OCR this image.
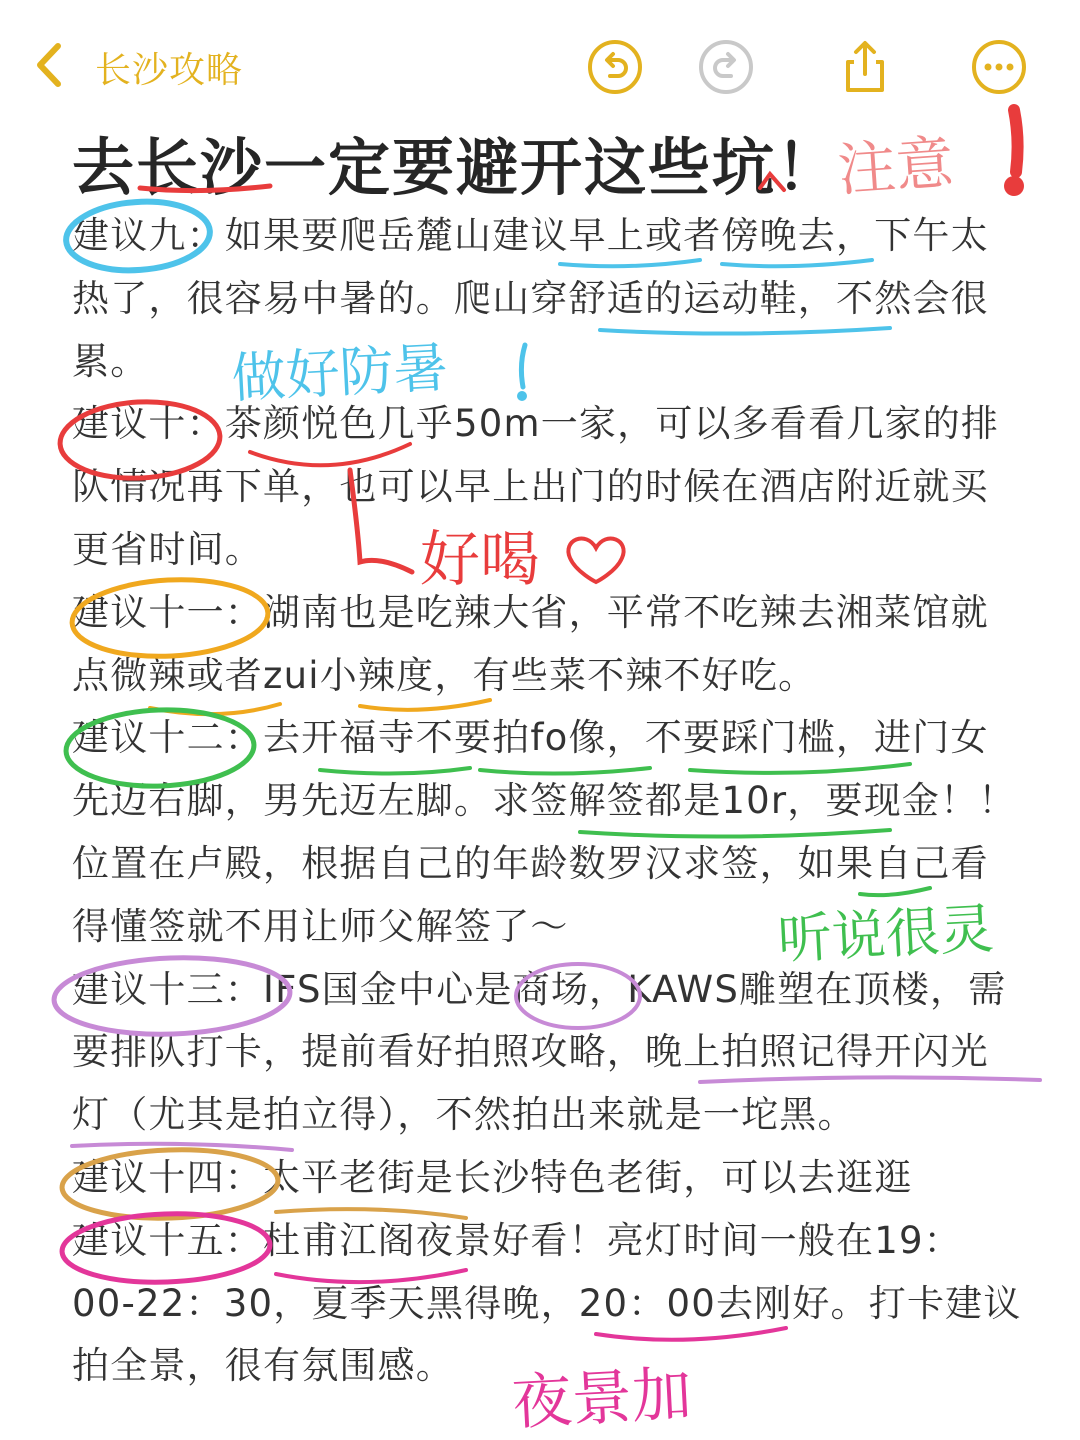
长沙攻略
去长沙一定要避开这些坑！

建议九：如果要爬岳麓山建议早上或者傍晚去，下午太热了，很容易中暑的。爬山穿舒适的运动鞋，不然会很累。

建议十：茶颜悦色几乎50m一家，可以多看看几家的排队情况再下单，也可以早上出门的时候在酒店附近就买更省时间。

建议十一：湖南也是吃辣大省，平常不吃辣去湘菜馆就点微辣或者zui小辣度，有些菜不辣不好吃。

建议十二：去开福寺不要拍fo像，不要踩门槛，进门女先迈右脚，男先迈左脚。求签解签都是10r，要现金！！位置在卢殿，根据自己的年龄数罗汉求签，如果自己看得懂签就不用让师父解签了～

建议十三：IFS国金中心是商场，KAWS雕塑在顶楼，需要排队打卡，提前看好拍照攻略，晚上拍照记得开闪光灯（尤其是拍立得），不然拍出来就是一坨黑。

建议十四：太平老街是长沙特色老街，可以去逛逛

建议十五：杜甫江阁夜景好看！亮灯时间一般在19：00-22：30，夏季天黑得晚，20：00去刚好。打卡建议拍全景，很有氛围感。

注意
做好防暑
好喝
听说很灵
夜景加
